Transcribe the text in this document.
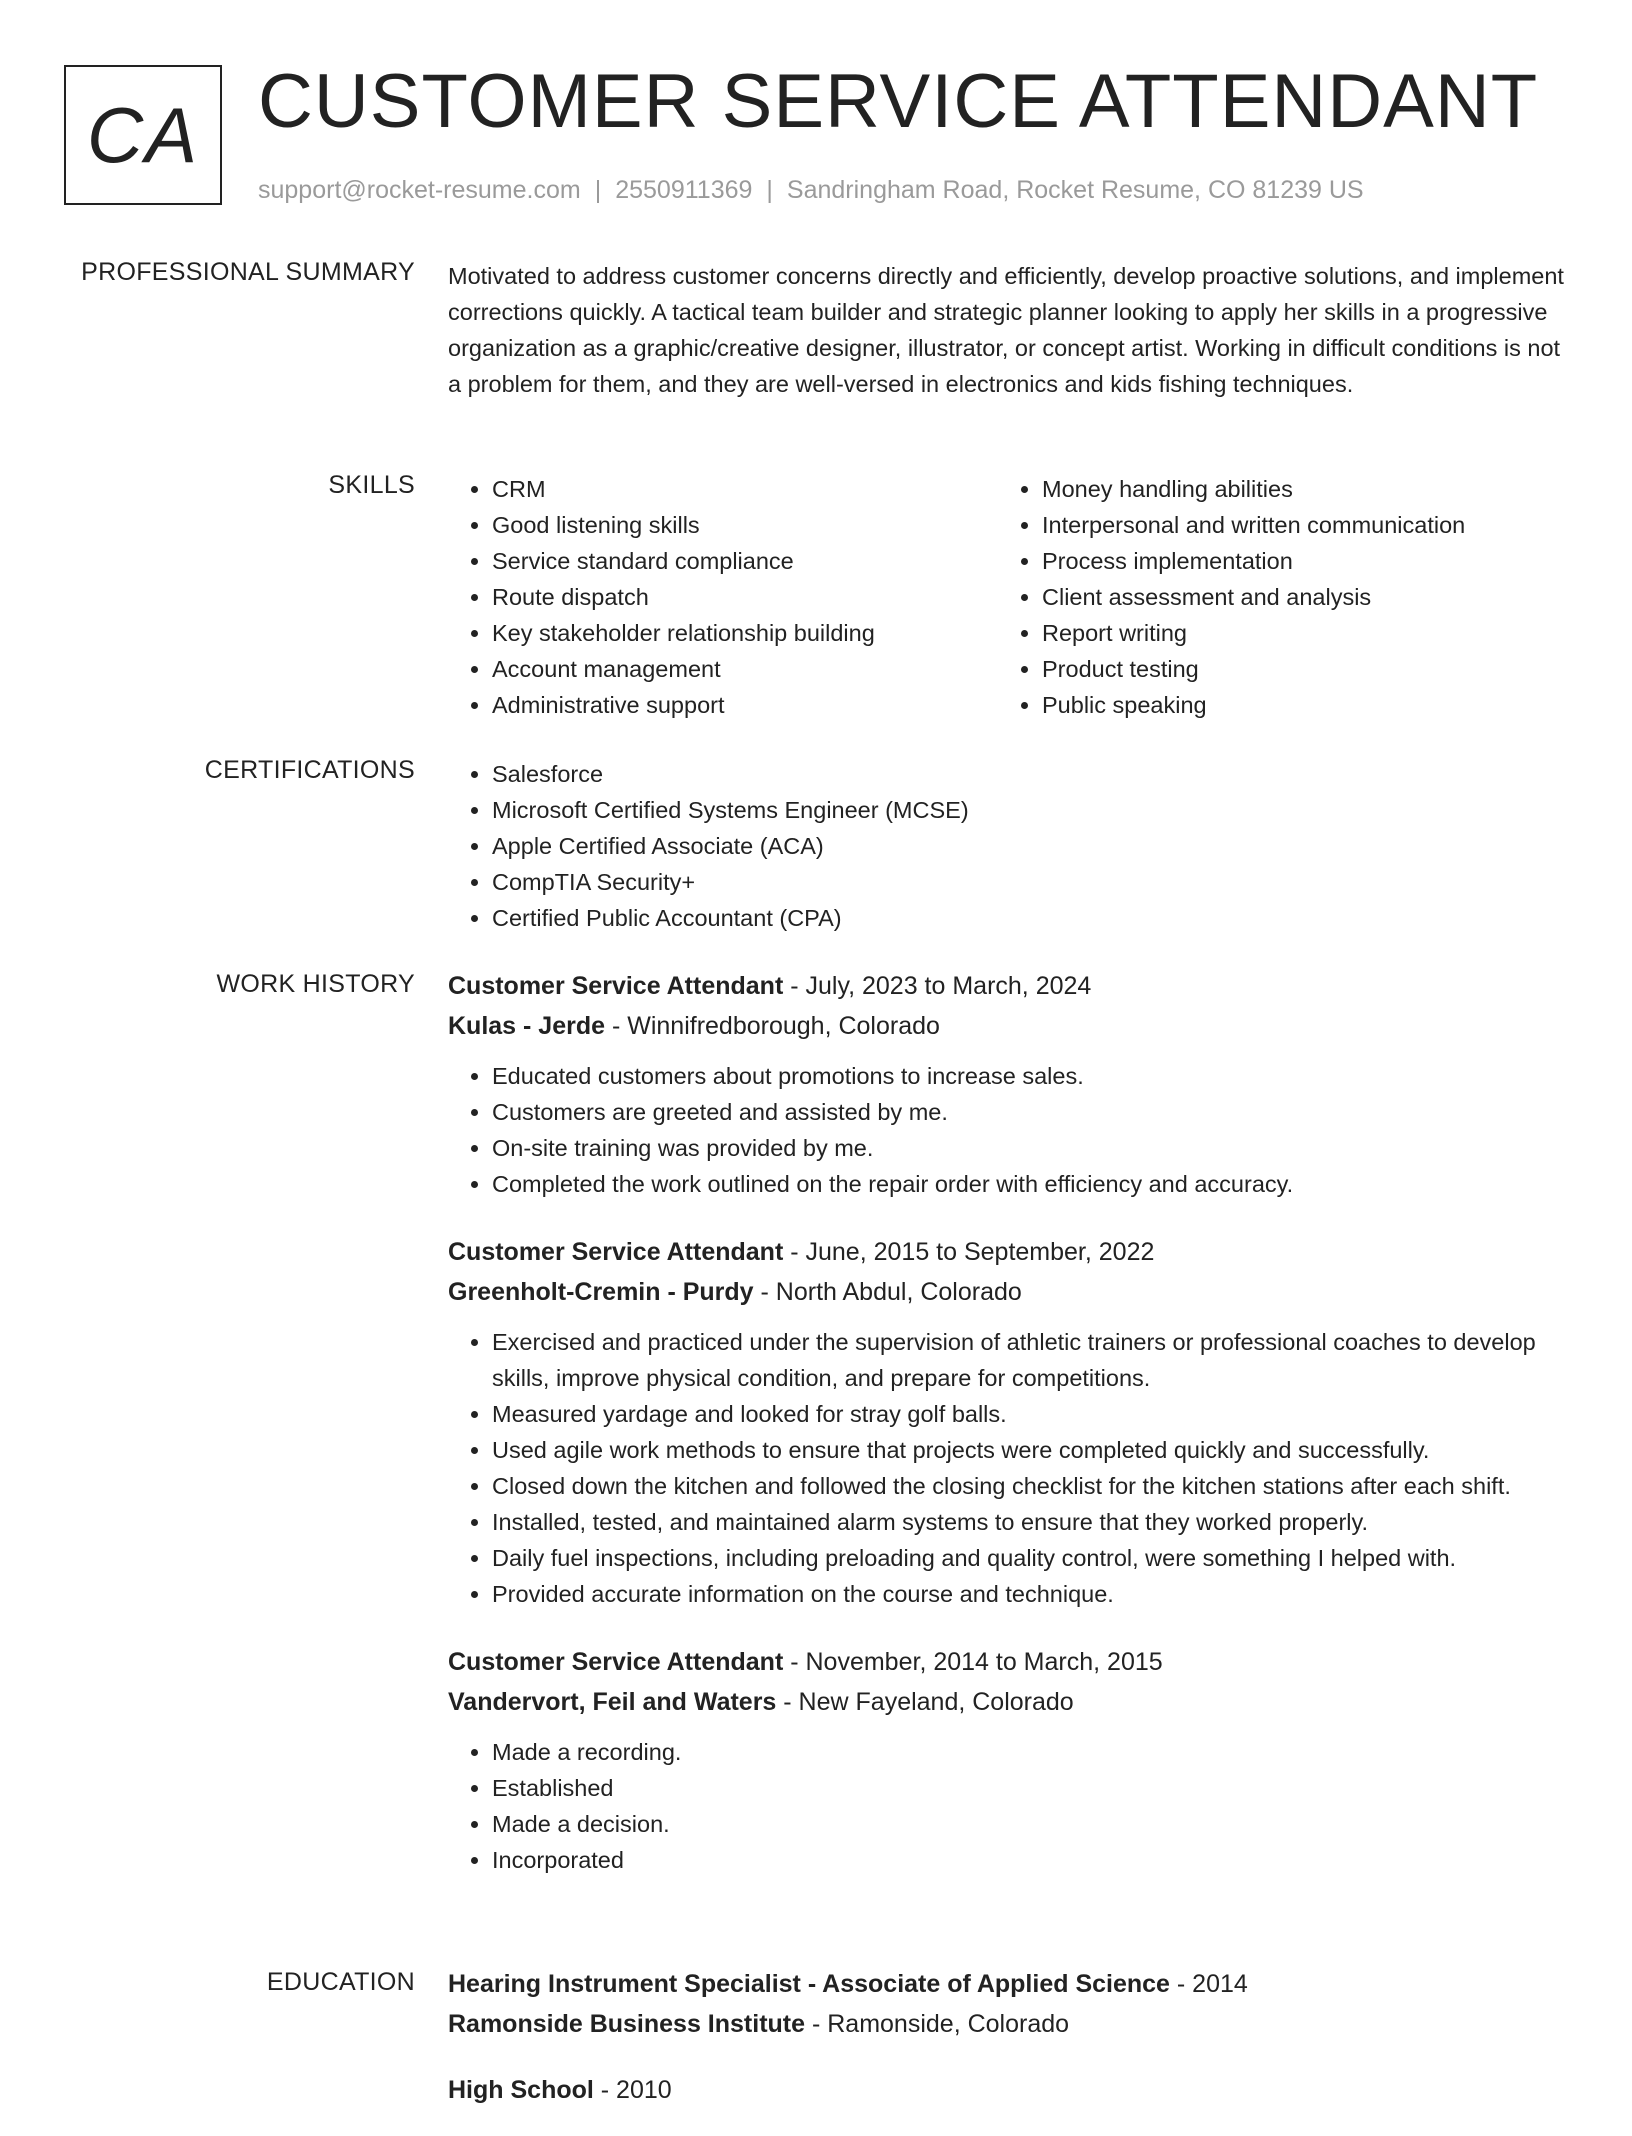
CA CUSTOMER SERVICE ATTENDANT
support@rocket-resume.com | 2550911369 | Sandringham Road, Rocket Resume, CO 81239 US
PROFESSIONAL SUMMARY Motivated to address customer concerns directly and efficiently, develop proactive solutions, and implement corrections quickly. A tactical team builder and strategic planner looking to apply her skills in a progressive organization as a graphic/creative designer, illustrator, or concept artist. Working in difficult conditions is not a problem for them, and they are well-versed in electronics and kids fishing techniques.

SKILLS	• CRM
• Good listening skills
• Service standard compliance
• Route dispatch
• Key stakeholder relationship building
• Account management
• Administrative support
• Money handling abilities
• Interpersonal and written communication
• Process implementation
• Client assessment and analysis
• Report writing
• Product testing
• Public speaking
CERTIFICATIONS	• Salesforce
• Microsoft Certified Systems Engineer (MCSE)
• Apple Certified Associate (ACA)
• CompTIA Security+
• Certified Public Accountant (CPA)
WORK HISTORY Customer Service Attendant - July, 2023 to March, 2024
Kulas - Jerde - Winnifredborough, Colorado
• Educated customers about promotions to increase sales.
• Customers are greeted and assisted by me.
• On-site training was provided by me.
• Completed the work outlined on the repair order with efficiency and accuracy.
Customer Service Attendant - June, 2015 to September, 2022
Greenholt-Cremin - Purdy - North Abdul, Colorado
• Exercised and practiced under the supervision of athletic trainers or professional coaches to develop skills, improve physical condition, and prepare for competitions.
• Measured yardage and looked for stray golf balls.
• Used agile work methods to ensure that projects were completed quickly and successfully.
• Closed down the kitchen and followed the closing checklist for the kitchen stations after each shift.
• Installed, tested, and maintained alarm systems to ensure that they worked properly.
• Daily fuel inspections, including preloading and quality control, were something I helped with.
• Provided accurate information on the course and technique.
Customer Service Attendant - November, 2014 to March, 2015
Vandervort, Feil and Waters - New Fayeland, Colorado
• Made a recording.
• Established
• Made a decision.
• Incorporated
EDUCATION Hearing Instrument Specialist - Associate of Applied Science - 2014
Ramonside Business Institute - Ramonside, Colorado
High School - 2010
